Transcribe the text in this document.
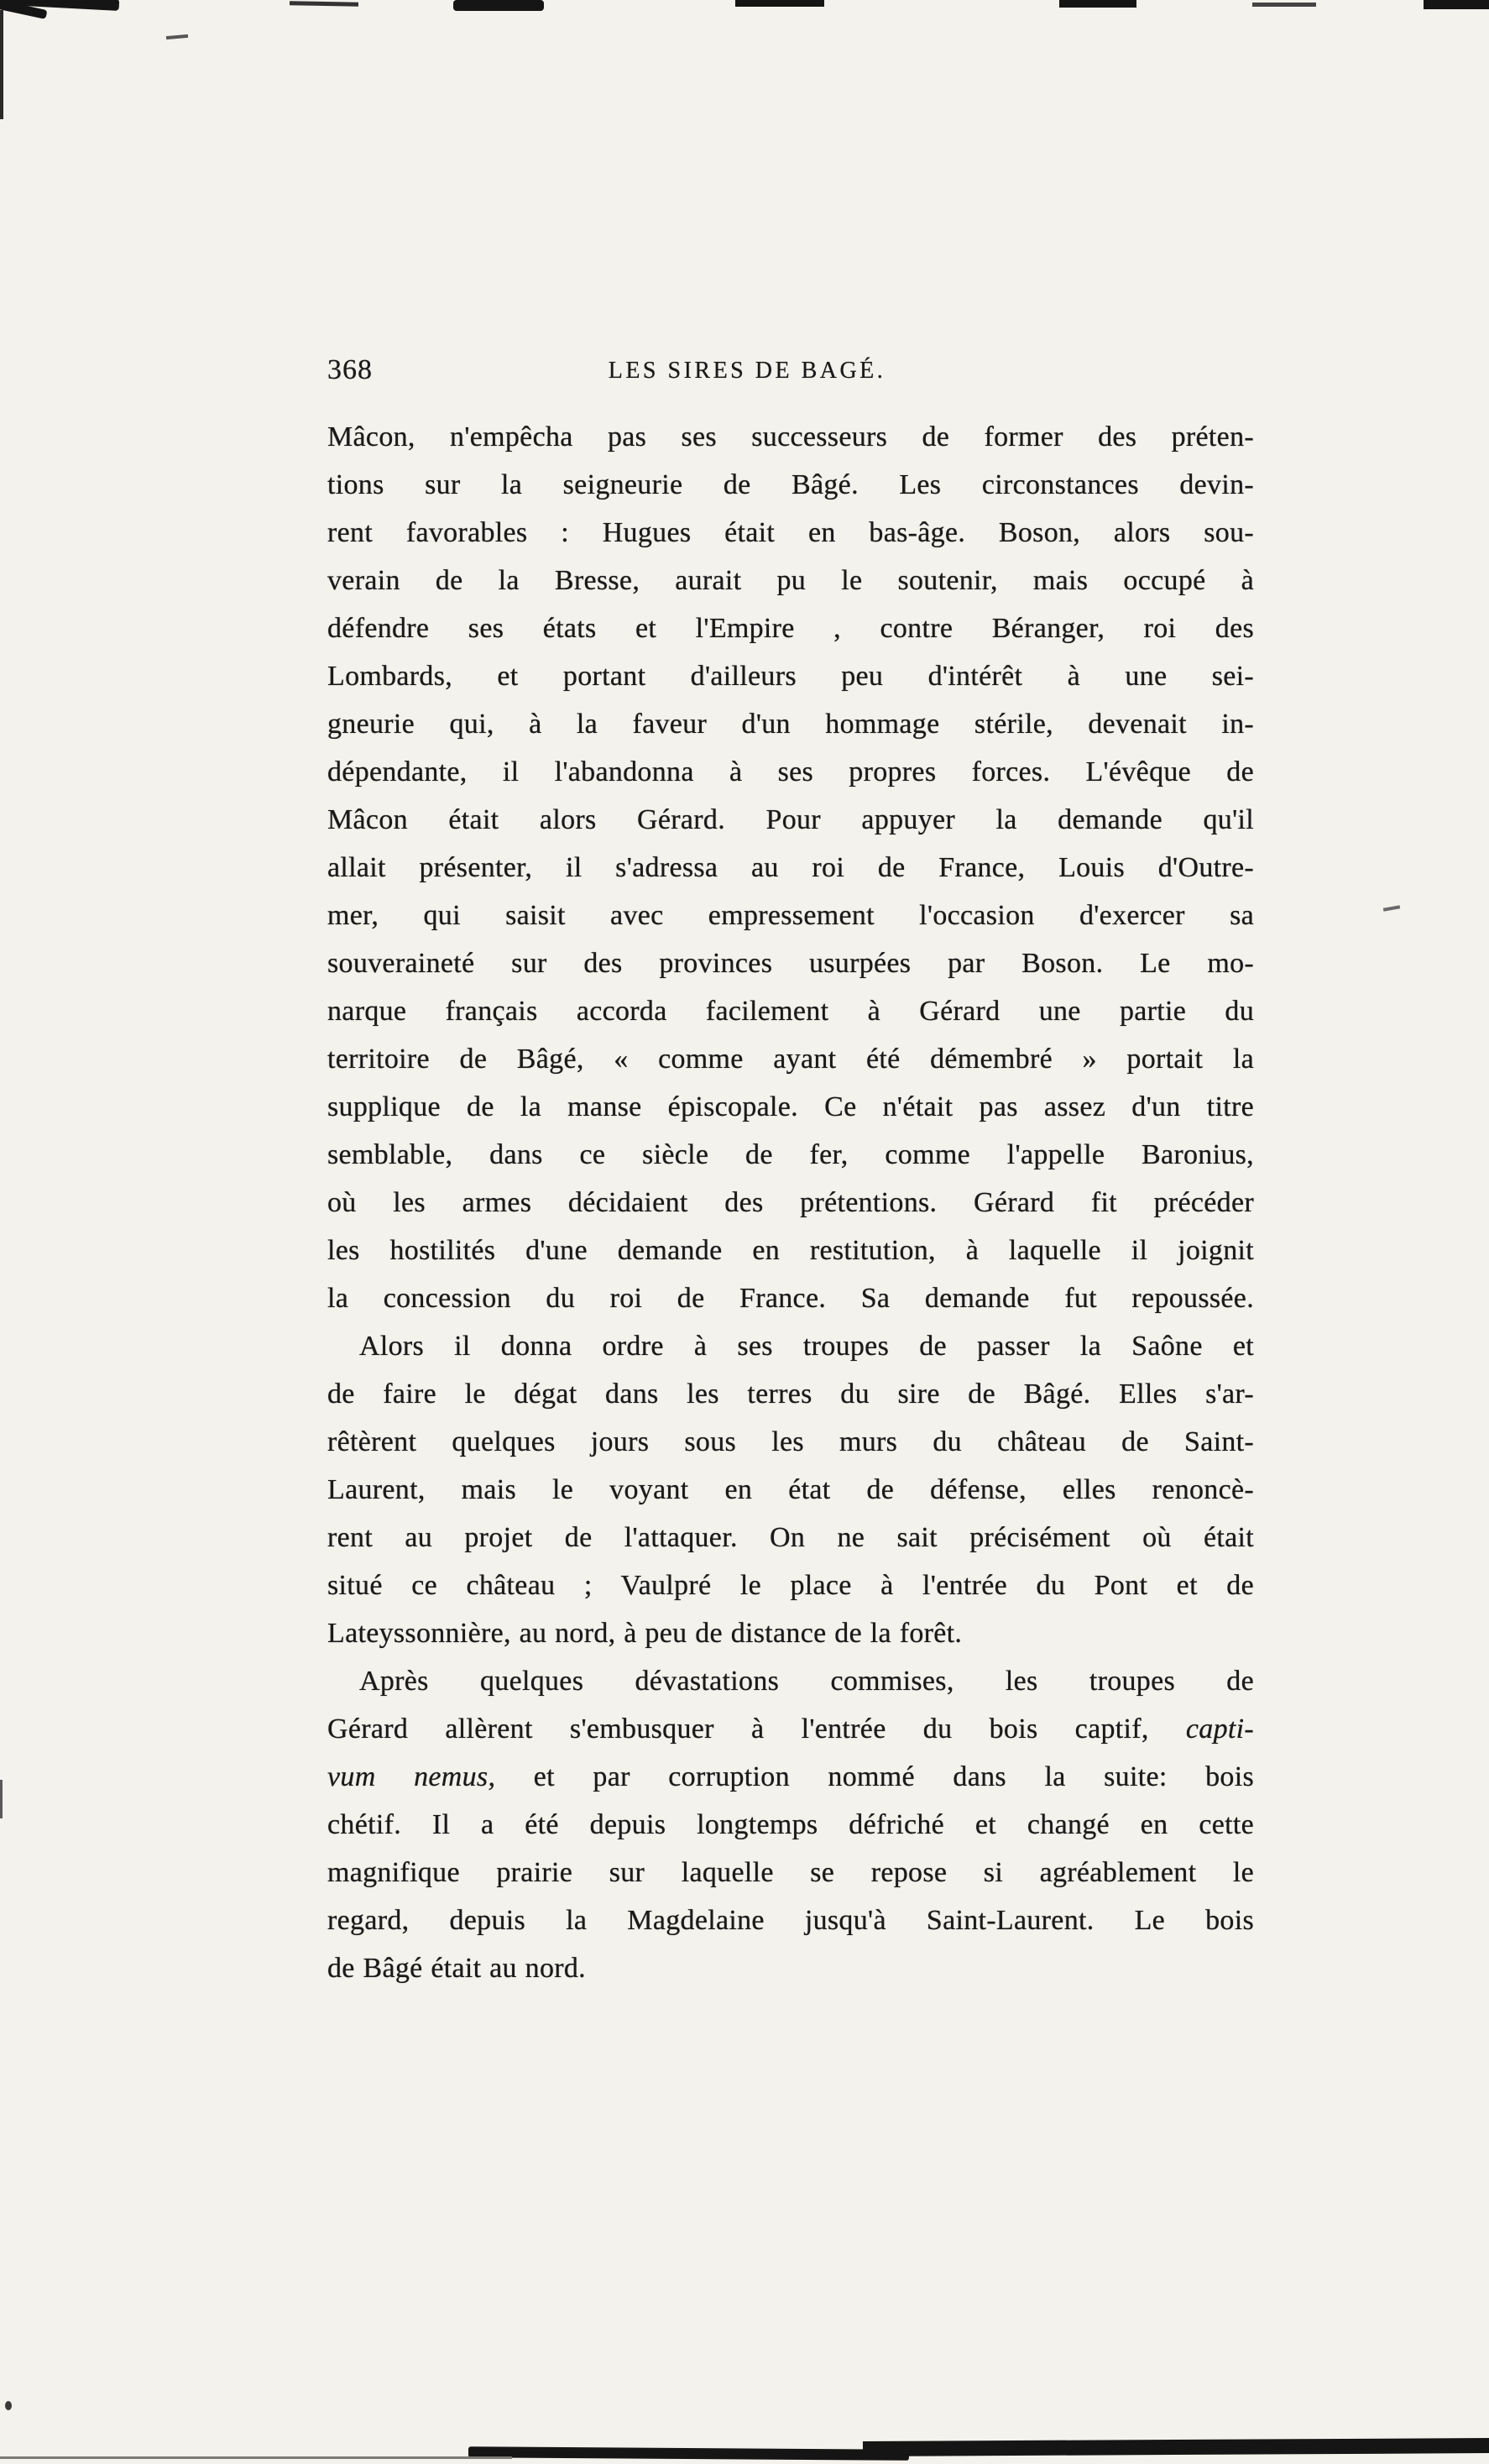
368	LES SIRES DE BAGÉ.
Mâcon, n'empêcha pas ses successeurs de former des préten-
tions sur la seigneurie de Bâgé. Les circonstances devin-
rent favorables : Hugues était en bas-âge. Boson, alors sou-
verain de la Bresse, aurait pu le soutenir, mais occupé à
défendre ses états et l'Empire , contre Béranger, roi des
Lombards, et portant d'ailleurs peu d'intérêt à une sei-
gneurie qui, à la faveur d'un hommage stérile, devenait in-
dépendante, il l'abandonna à ses propres forces. L'évêque de
Mâcon était alors Gérard. Pour appuyer la demande qu'il
allait présenter, il s'adressa au roi de France, Louis d'Outre-
mer, qui saisit avec empressement l'occasion d'exercer sa
souveraineté sur des provinces usurpées par Boson. Le mo-
narque français accorda facilement à Gérard une partie du
territoire de Bâgé, « comme ayant été démembré » portait la
supplique de la manse épiscopale. Ce n'était pas assez d'un titre
semblable, dans ce siècle de fer, comme l'appelle Baronius,
où les armes décidaient des prétentions. Gérard fit précéder
les hostilités d'une demande en restitution, à laquelle il joignit
la concession du roi de France. Sa demande fut repoussée.
Alors il donna ordre à ses troupes de passer la Saône et
de faire le dégat dans les terres du sire de Bâgé. Elles s'ar-
rêtèrent quelques jours sous les murs du château de Saint-
Laurent, mais le voyant en état de défense, elles renoncè-
rent au projet de l'attaquer. On ne sait précisément où était
situé ce château ; Vaulpré le place à l'entrée du Pont et de
Lateyssonnière, au nord, à peu de distance de la forêt.
Après quelques dévastations commises, les troupes de
Gérard allèrent s'embusquer à l'entrée du bois captif, capti-
vum nemus, et par corruption nommé dans la suite: bois
chétif. Il a été depuis longtemps défriché et changé en cette
magnifique prairie sur laquelle se repose si agréablement le
regard, depuis la Magdelaine jusqu'à Saint-Laurent. Le bois
de Bâgé était au nord.
